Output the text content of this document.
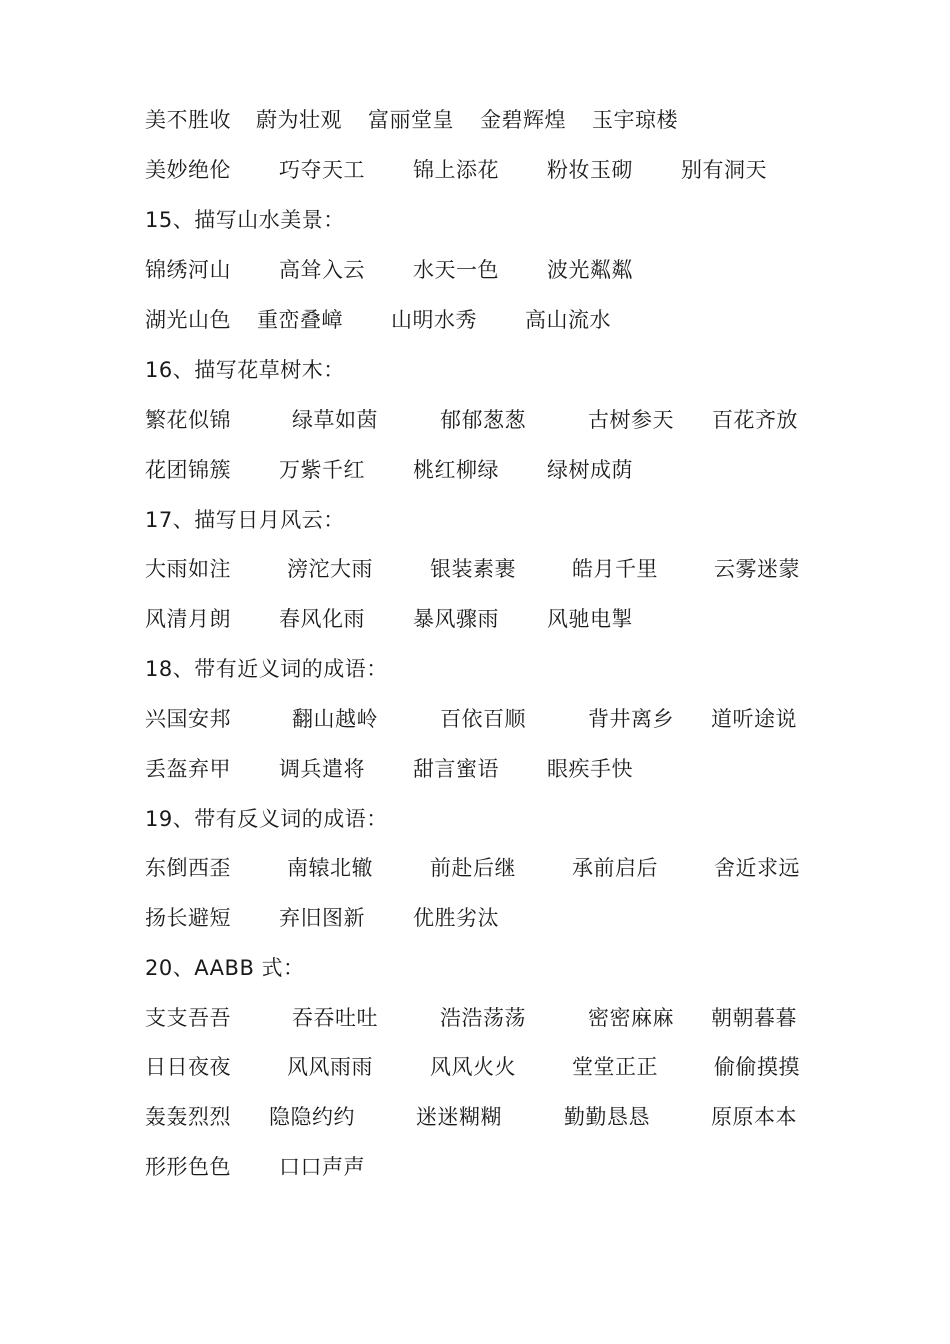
美不胜收 蔚为壮观 富丽堂皇 金碧辉煌 玉宇琼楼
美妙绝伦 巧夺天工 锦上添花 粉妆玉砌 别有洞天
15、描写山水美景：
锦绣河山 高耸入云 水天一色 波光粼粼
湖光山色 重峦叠嶂 山明水秀 高山流水
16、描写花草树木：
繁花似锦	绿草如茵	郁郁葱葱	古树参天 百花齐放
花团锦簇 万紫千红 桃红柳绿 绿树成荫
17、描写日月风云：
大雨如注	滂沱大雨	银装素裹	皓月千里	云雾迷蒙
风清月朗 春风化雨 暴风骤雨 风驰电掣
18、带有近义词的成语：
兴国安邦	翻山越岭	百依百顺	背井离乡 道听途说
丢盔弃甲 调兵遣将 甜言蜜语 眼疾手快
19、带有反义词的成语：
东倒西歪	南辕北辙	前赴后继	承前启后	舍近求远
扬长避短 弃旧图新 优胜劣汰
20、AABB 式：
支支吾吾	吞吞吐吐	浩浩荡荡	密密麻麻 朝朝暮暮
日日夜夜	风风雨雨	风风火火	堂堂正正	偷偷摸摸
轰轰烈烈 隐隐约约	迷迷糊糊	勤勤恳恳	原原本本
形形色色 口口声声
